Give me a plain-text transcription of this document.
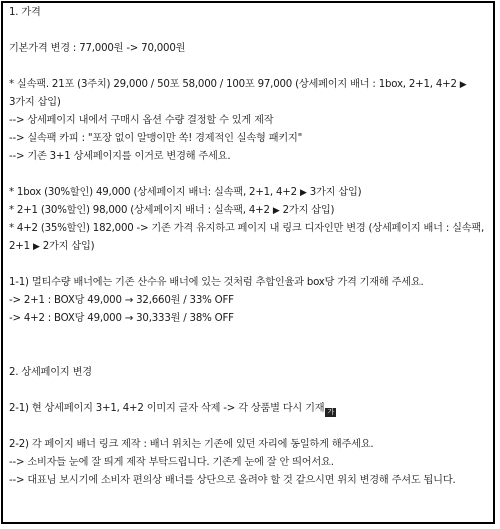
1. 가격
기본가격 변경 : 77,000원 -> 70,000원
* 실속팩. 21포 (3주치) 29,000 / 50포 58,000 / 100포 97,000 (상세페이지 배너 : 1box, 2+1, 4+2 ▶ 3가지 삽입)
--> 상세페이지 내에서 구매시 옵션 수량 결정할 수 있게 제작
--> 실속팩 카피 : "포장 없이 알맹이만 쏙! 경제적인 실속형 패키지"
--> 기존 3+1 상세페이지를 이거로 변경해 주세요.
* 1box (30%할인) 49,000 (상세페이지 배너: 실속팩, 2+1, 4+2 ▶ 3가지 삽입)
* 2+1 (30%할인) 98,000 (상세페이지 배너 : 실속팩, 4+2 ▶ 2가지 삽입)
* 4+2 (35%할인) 182,000 -> 기존 가격 유지하고 페이지 내 링크 디자인만 변경 (상세페이지 배너 : 실속팩, 2+1 ▶ 2가지 삽입)
1-1) 멀티수량 배너에는 기존 산수유 배너에 있는 것처럼 추합인율과 box당 가격 기재해 주세요.
-> 2+1 : BOX당 49,000 → 32,660원 / 33% OFF
-> 4+2 : BOX당 49,000 → 30,333원 / 38% OFF
2. 상세페이지 변경
2-1) 현 상세페이지 3+1, 4+2 이미지 글자 삭제 -> 각 상품별 다시 기재 가
2-2) 각 페이지 배너 링크 제작 : 배너 위치는 기존에 있던 자리에 동일하게 해주세요.
--> 소비자들 눈에 잘 띄게 제작 부탁드립니다. 기존게 눈에 잘 안 띄어서요.
--> 대표님 보시기에 소비자 편의상 배너를 상단으로 올려야 할 것 같으시면 위치 변경해 주셔도 됩니다.
